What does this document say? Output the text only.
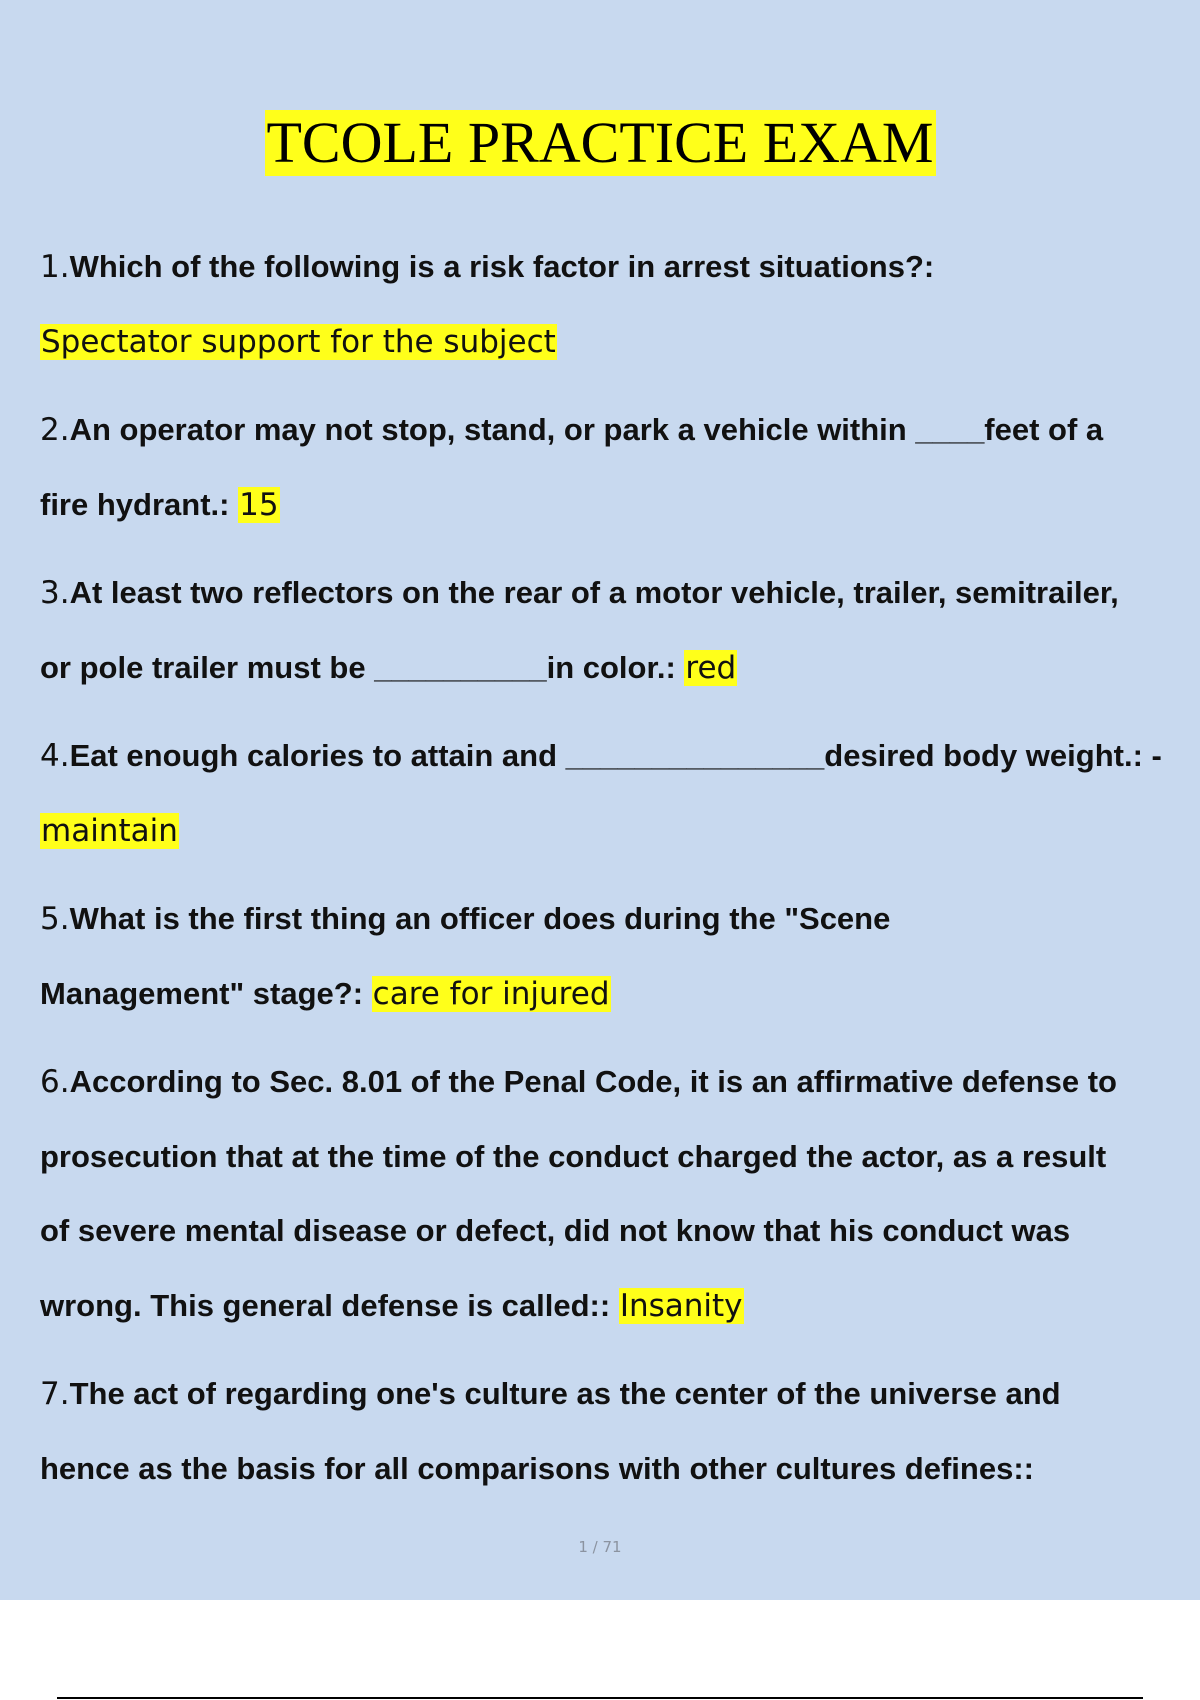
TCOLE PRACTICE EXAM
1.Which of the following is a risk factor in arrest situations?:
Spectator support for the subject
2.An operator may not stop, stand, or park a vehicle within ____feet of a
fire hydrant.: 15
3.At least two reflectors on the rear of a motor vehicle, trailer, semitrailer,
or pole trailer must be __________in color.: red
4.Eat enough calories to attain and _______________desired body weight.: -
maintain
5.What is the first thing an officer does during the "Scene
Management" stage?: care for injured
6.According to Sec. 8.01 of the Penal Code, it is an affirmative defense to
prosecution that at the time of the conduct charged the actor, as a result
of severe mental disease or defect, did not know that his conduct was
wrong. This general defense is called:: Insanity
7.The act of regarding one's culture as the center of the universe and
hence as the basis for all comparisons with other cultures defines::
1 / 71
